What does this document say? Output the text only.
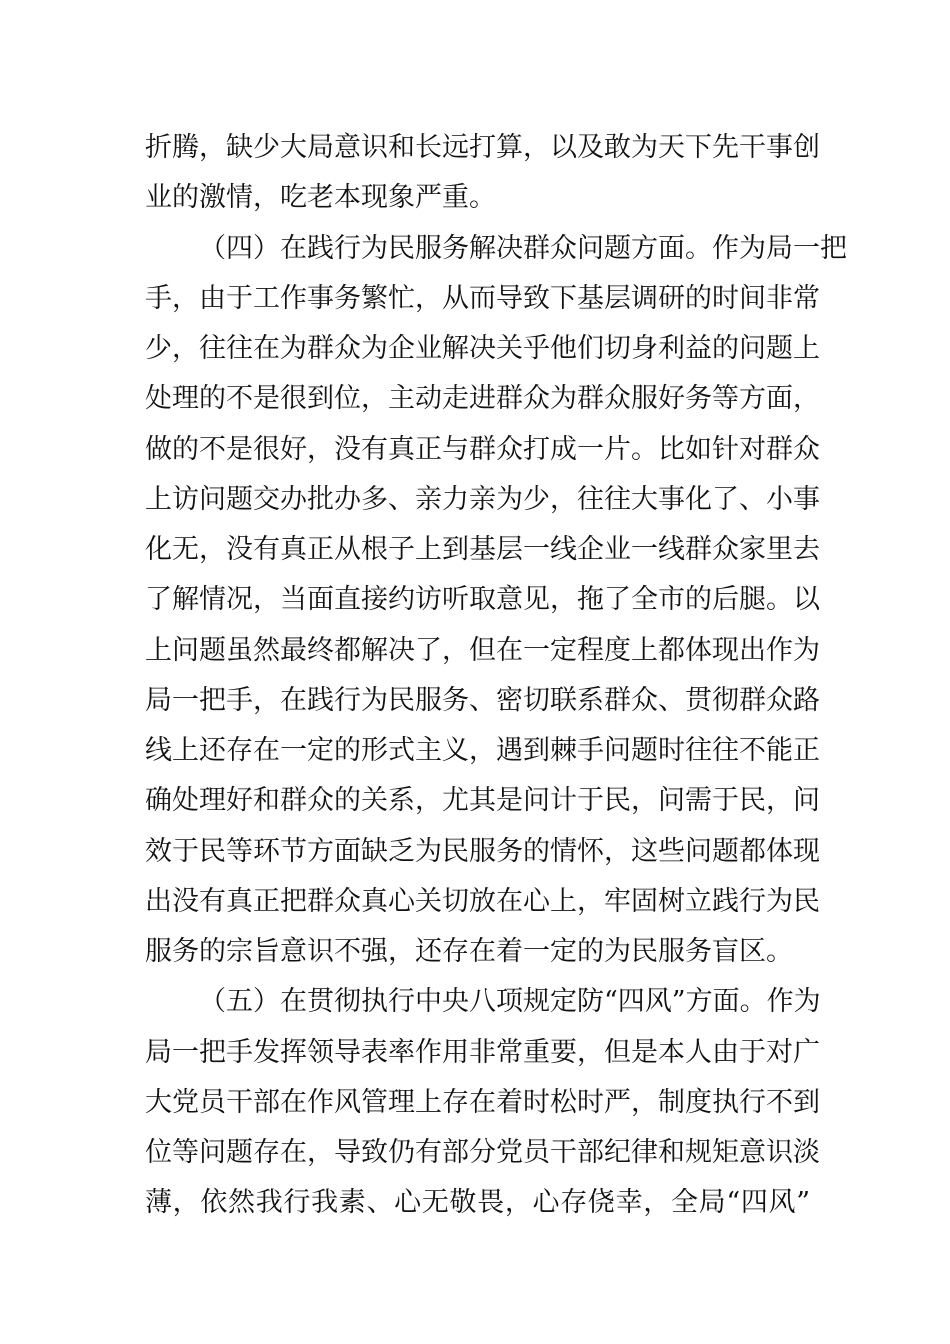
折腾，缺少大局意识和长远打算，以及敢为天下先干事创
业的激情，吃老本现象严重。
（四）在践行为民服务解决群众问题方面。作为局一把
手，由于工作事务繁忙，从而导致下基层调研的时间非常
少，往往在为群众为企业解决关乎他们切身利益的问题上
处理的不是很到位，主动走进群众为群众服好务等方面，
做的不是很好，没有真正与群众打成一片。比如针对群众
上访问题交办批办多、亲力亲为少，往往大事化了、小事
化无，没有真正从根子上到基层一线企业一线群众家里去
了解情况，当面直接约访听取意见，拖了全市的后腿。以
上问题虽然最终都解决了，但在一定程度上都体现出作为
局一把手，在践行为民服务、密切联系群众、贯彻群众路
线上还存在一定的形式主义，遇到棘手问题时往往不能正
确处理好和群众的关系，尤其是问计于民，问需于民，问
效于民等环节方面缺乏为民服务的情怀，这些问题都体现
出没有真正把群众真心关切放在心上，牢固树立践行为民
服务的宗旨意识不强，还存在着一定的为民服务盲区。
（五）在贯彻执行中央八项规定防“四风”方面。作为
局一把手发挥领导表率作用非常重要，但是本人由于对广
大党员干部在作风管理上存在着时松时严，制度执行不到
位等问题存在，导致仍有部分党员干部纪律和规矩意识淡
薄，依然我行我素、心无敬畏，心存侥幸，全局“四风”
